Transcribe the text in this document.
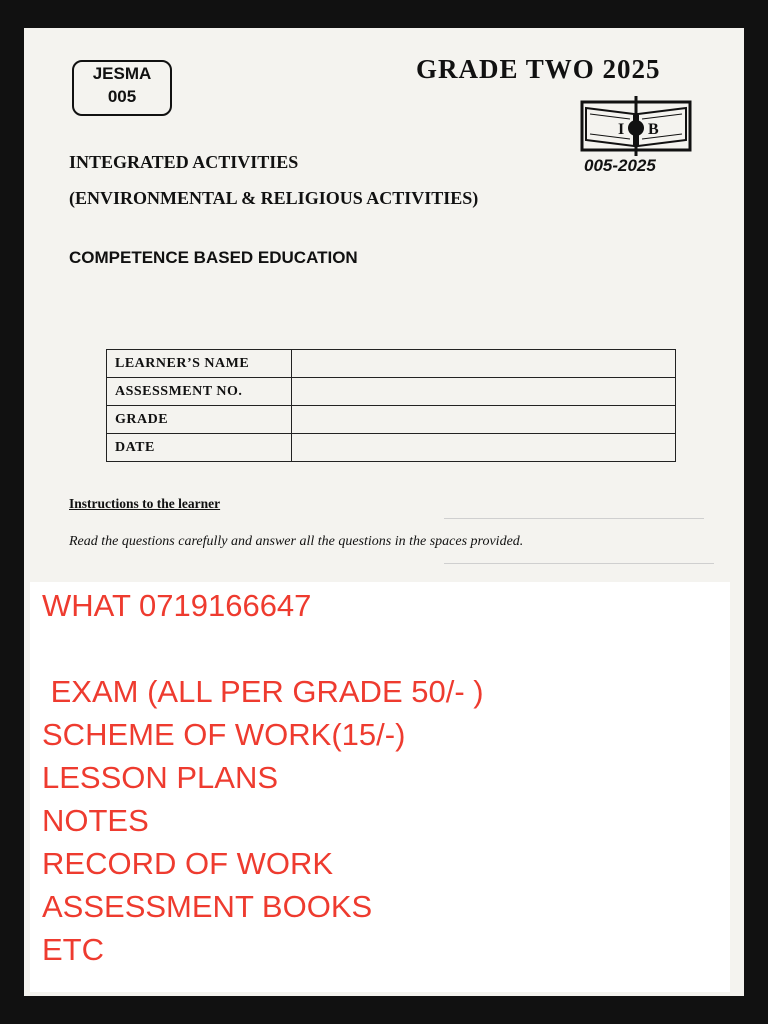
JESMA
005
GRADE TWO 2025
I B
005-2025
INTEGRATED ACTIVITIES
(ENVIRONMENTAL & RELIGIOUS ACTIVITIES)
COMPETENCE BASED EDUCATION
LEARNER’S NAME	
ASSESSMENT NO.	
GRADE	
DATE	
Instructions to the learner
Read the questions carefully and answer all the questions in the spaces provided.
WHAT 0719166647
EXAM (ALL PER GRADE 50/- )
SCHEME OF WORK(15/-)
LESSON PLANS
NOTES
RECORD OF WORK
ASSESSMENT BOOKS
ETC
